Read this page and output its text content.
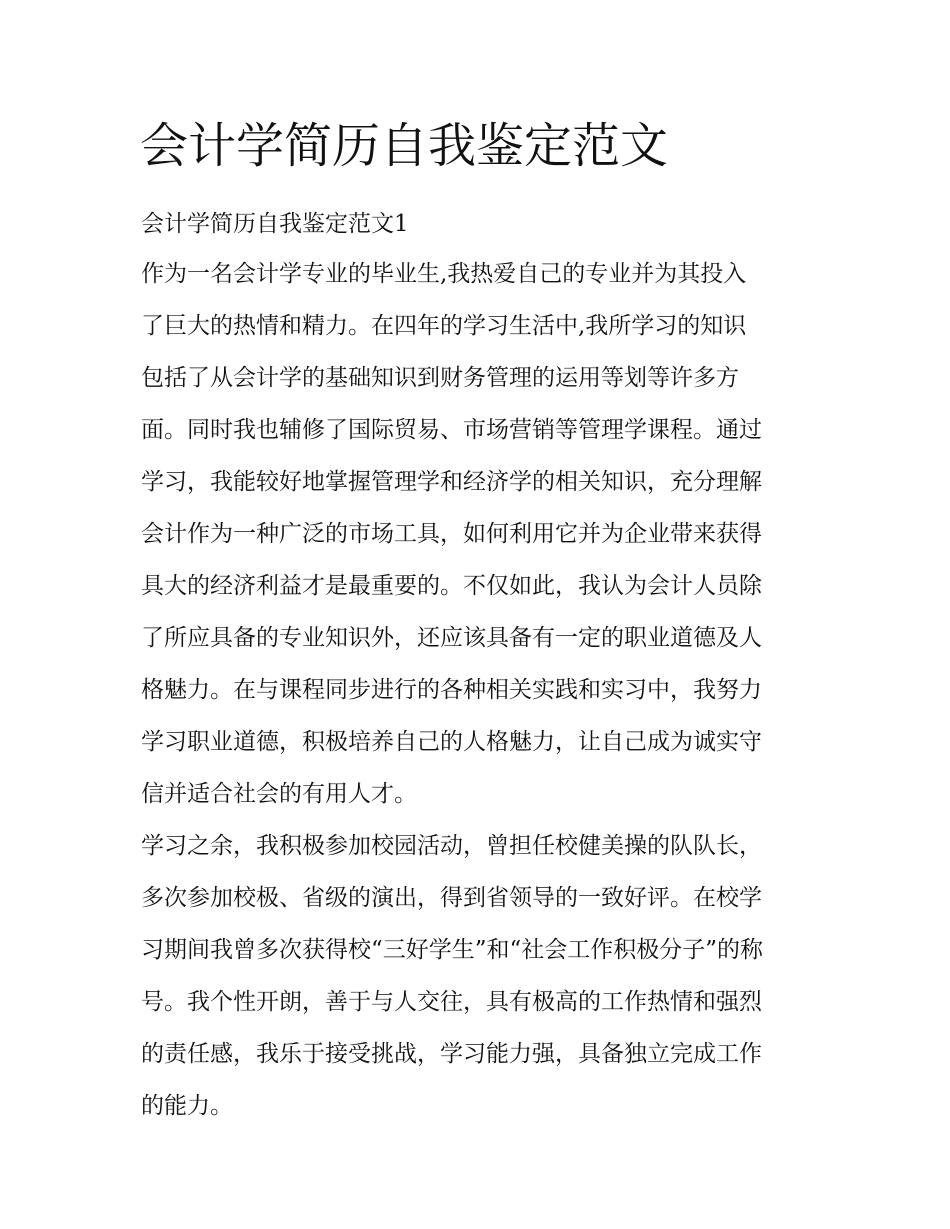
会计学简历自我鉴定范文

会计学简历自我鉴定范文1

作为一名会计学专业的毕业生,我热爱自己的专业并为其投入

了巨大的热情和精力。在四年的学习生活中,我所学习的知识

包括了从会计学的基础知识到财务管理的运用等划等许多方

面。同时我也辅修了国际贸易、市场营销等管理学课程。通过

学习，我能较好地掌握管理学和经济学的相关知识，充分理解

会计作为一种广泛的市场工具，如何利用它并为企业带来获得

具大的经济利益才是最重要的。不仅如此，我认为会计人员除

了所应具备的专业知识外，还应该具备有一定的职业道德及人

格魅力。在与课程同步进行的各种相关实践和实习中，我努力

学习职业道德，积极培养自己的人格魅力，让自己成为诚实守

信并适合社会的有用人才。

学习之余，我积极参加校园活动，曾担任校健美操的队队长，

多次参加校极、省级的演出，得到省领导的一致好评。在校学

习期间我曾多次获得校“三好学生”和“社会工作积极分子”的称

号。我个性开朗，善于与人交往，具有极高的工作热情和强烈

的责任感，我乐于接受挑战，学习能力强，具备独立完成工作

的能力。
